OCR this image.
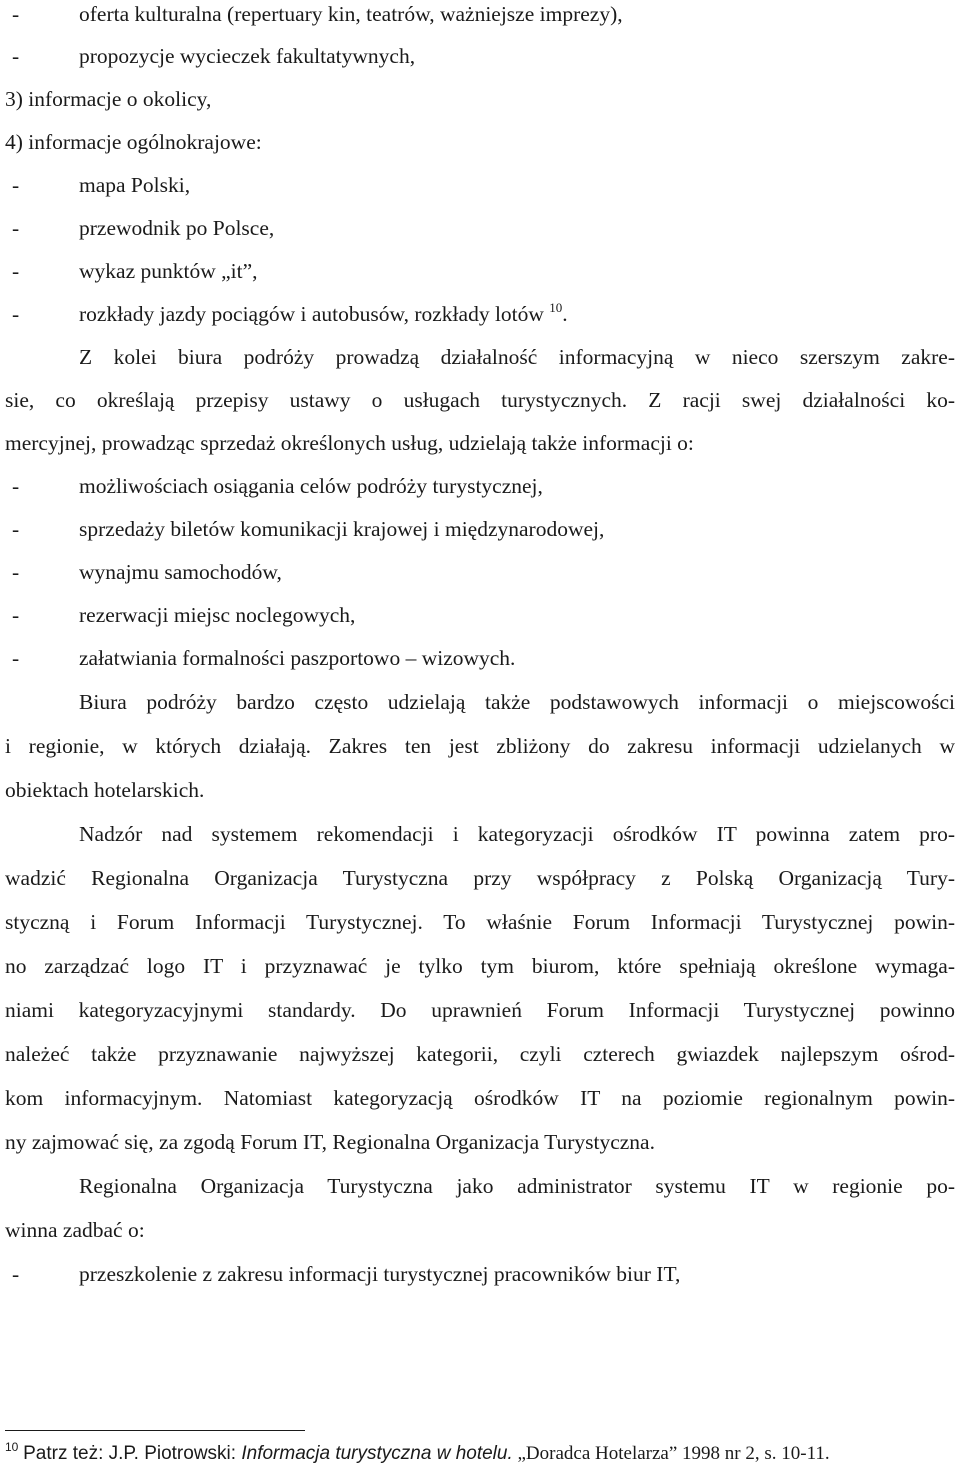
-	oferta kulturalna (repertuary kin, teatrów, ważniejsze imprezy),
-	propozycje wycieczek fakultatywnych,
3) informacje o okolicy,
4) informacje ogólnokrajowe:
-	mapa Polski,
-	przewodnik po Polsce,
-	wykaz punktów „it”,
-	rozkłady jazdy pociągów i autobusów, rozkłady lotów $^{10}$.
Z kolei biura podróży prowadzą działalność informacyjną w nieco szerszym zakre-
sie, co określają przepisy ustawy o usługach turystycznych. Z racji swej działalności ko-
mercyjnej, prowadząc sprzedaż określonych usług, udzielają także informacji o:
-	możliwościach osiągania celów podróży turystycznej,
-	sprzedaży biletów komunikacji krajowej i międzynarodowej,
-	wynajmu samochodów,
-	rezerwacji miejsc noclegowych,
-	załatwiania formalności paszportowo – wizowych.
Biura podróży bardzo często udzielają także podstawowych informacji o miejscowości
i regionie, w których działają. Zakres ten jest zbliżony do zakresu informacji udzielanych w
obiektach hotelarskich.
Nadzór nad systemem rekomendacji i kategoryzacji ośrodków IT powinna zatem pro-
wadzić Regionalna Organizacja Turystyczna przy współpracy z Polską Organizacją Tury-
styczną i Forum Informacji Turystycznej. To właśnie Forum Informacji Turystycznej powin-
no zarządzać logo IT i przyznawać je tylko tym biurom, które spełniają określone wymaga-
niami kategoryzacyjnymi standardy. Do uprawnień Forum Informacji Turystycznej powinno
należeć także przyznawanie najwyższej kategorii, czyli czterech gwiazdek najlepszym ośrod-
kom informacyjnym. Natomiast kategoryzacją ośrodków IT na poziomie regionalnym powin-
ny zajmować się, za zgodą Forum IT, Regionalna Organizacja Turystyczna.
Regionalna Organizacja Turystyczna jako administrator systemu IT w regionie po-
winna zadbać o:
-	przeszkolenie z zakresu informacji turystycznej pracowników biur IT,
$^{10}$ Patrz też: J.P. Piotrowski: Informacja turystyczna w hotelu. „Doradca Hotelarza” 1998 nr 2, s. 10-11.
